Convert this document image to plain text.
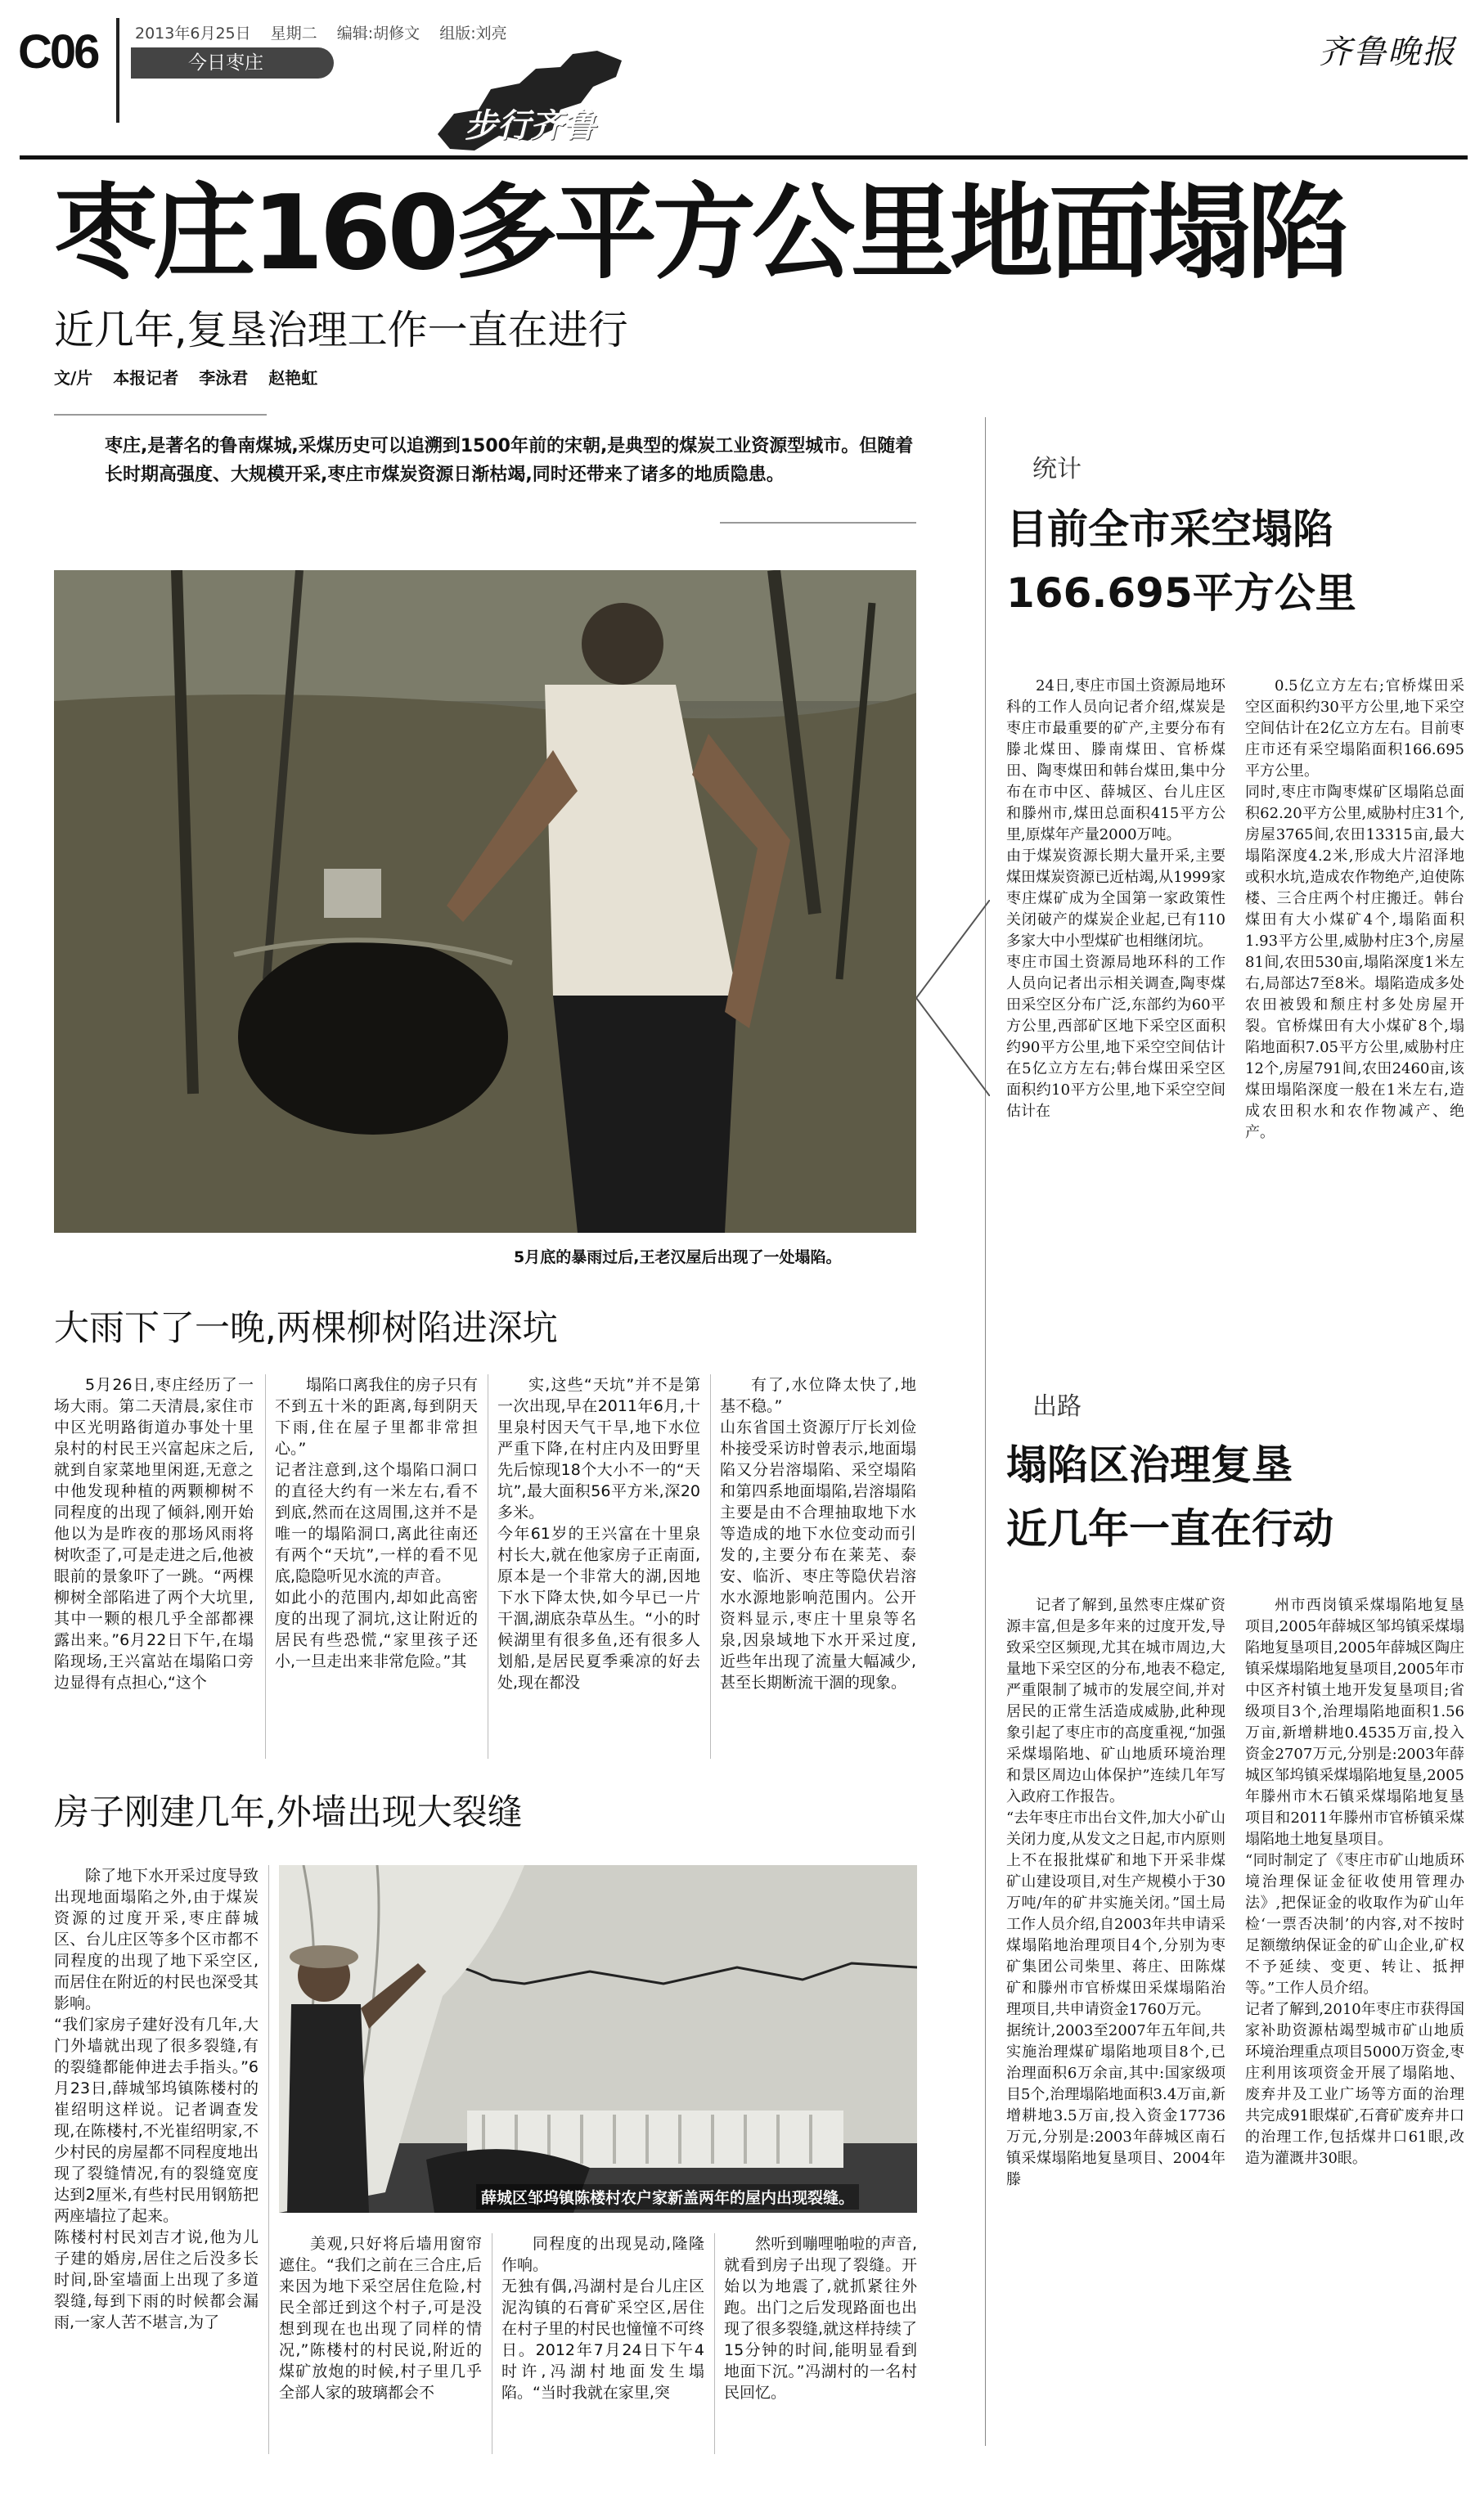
C06 2013年6月25日 星期二 编辑:胡修文 组版:刘亮
今日枣庄	齐鲁晚报
步行齐鲁
枣庄160多平方公里地面塌陷
近几年,复垦治理工作一直在进行
文/片 本报记者 李泳君 赵艳虹
枣庄,是著名的鲁南煤城,采煤历史可以追溯到1500年前的宋朝,是典型的煤炭工业资源型城市。但随着长时期高强度、大规模开采,枣庄市煤炭资源日渐枯竭,同时还带来了诸多的地质隐患。
5月底的暴雨过后,王老汉屋后出现了一处塌陷。
大雨下了一晚,两棵柳树陷进深坑

5月26日,枣庄经历了一场大雨。第二天清晨,家住市中区光明路街道办事处十里泉村的村民王兴富起床之后,就到自家菜地里闲逛,无意之中他发现种植的两颗柳树不同程度的出现了倾斜,刚开始他以为是昨夜的那场风雨将树吹歪了,可是走进之后,他被眼前的景象吓了一跳。“两棵柳树全部陷进了两个大坑里,其中一颗的根几乎全部都裸露出来。”6月22日下午,在塌陷现场,王兴富站在塌陷口旁边显得有点担心,“这个

塌陷口离我住的房子只有不到五十米的距离,每到阴天下雨,住在屋子里都非常担心。”
记者注意到,这个塌陷口洞口的直径大约有一米左右,看不到底,然而在这周围,这并不是唯一的塌陷洞口,离此往南还有两个“天坑”,一样的看不见底,隐隐听见水流的声音。
如此小的范围内,却如此高密度的出现了洞坑,这让附近的居民有些恐慌,“家里孩子还小,一旦走出来非常危险。”其

实,这些“天坑”并不是第一次出现,早在2011年6月,十里泉村因天气干旱,地下水位严重下降,在村庄内及田野里先后惊现18个大小不一的“天坑”,最大面积56平方米,深20多米。
今年61岁的王兴富在十里泉村长大,就在他家房子正南面,原本是一个非常大的湖,因地下水下降太快,如今早已一片干涸,湖底杂草丛生。“小的时候湖里有很多鱼,还有很多人划船,是居民夏季乘凉的好去处,现在都没

有了,水位降太快了,地基不稳。”
山东省国土资源厅厅长刘俭朴接受采访时曾表示,地面塌陷又分岩溶塌陷、采空塌陷和第四系地面塌陷,岩溶塌陷主要是由不合理抽取地下水等造成的地下水位变动而引发的,主要分布在莱芜、泰安、临沂、枣庄等隐伏岩溶水水源地影响范围内。公开资料显示,枣庄十里泉等名泉,因泉域地下水开采过度,近些年出现了流量大幅减少,甚至长期断流干涸的现象。

房子刚建几年,外墙出现大裂缝

除了地下水开采过度导致出现地面塌陷之外,由于煤炭资源的过度开采,枣庄薛城区、台儿庄区等多个区市都不同程度的出现了地下采空区,而居住在附近的村民也深受其影响。
“我们家房子建好没有几年,大门外墙就出现了很多裂缝,有的裂缝都能伸进去手指头。”6月23日,薛城邹坞镇陈楼村的崔绍明这样说。记者调查发现,在陈楼村,不光崔绍明家,不少村民的房屋都不同程度地出现了裂缝情况,有的裂缝宽度达到2厘米,有些村民用钢筋把两座墙拉了起来。
陈楼村村民刘吉才说,他为儿子建的婚房,居住之后没多长时间,卧室墙面上出现了多道裂缝,每到下雨的时候都会漏雨,一家人苦不堪言,为了

薛城区邹坞镇陈楼村农户家新盖两年的屋内出现裂缝。

美观,只好将后墙用窗帘遮住。“我们之前在三合庄,后来因为地下采空居住危险,村民全部迁到这个村子,可是没想到现在也出现了同样的情况,”陈楼村的村民说,附近的煤矿放炮的时候,村子里几乎全部人家的玻璃都会不

同程度的出现晃动,隆隆作响。
无独有偶,冯湖村是台儿庄区泥沟镇的石膏矿采空区,居住在村子里的村民也憧憧不可终日。2012年7月24日下午4时许,冯湖村地面发生塌陷。“当时我就在家里,突

然听到嘣哩啪啦的声音,就看到房子出现了裂缝。开始以为地震了,就抓紧往外跑。出门之后发现路面也出现了很多裂缝,就这样持续了15分钟的时间,能明显看到地面下沉。”冯湖村的一名村民回忆。

统计
目前全市采空塌陷
166.695平方公里

24日,枣庄市国土资源局地环科的工作人员向记者介绍,煤炭是枣庄市最重要的矿产,主要分布有滕北煤田、滕南煤田、官桥煤田、陶枣煤田和韩台煤田,集中分布在市中区、薛城区、台儿庄区和滕州市,煤田总面积415平方公里,原煤年产量2000万吨。
由于煤炭资源长期大量开采,主要煤田煤炭资源已近枯竭,从1999家枣庄煤矿成为全国第一家政策性关闭破产的煤炭企业起,已有110多家大中小型煤矿也相继闭坑。
枣庄市国土资源局地环科的工作人员向记者出示相关调查,陶枣煤田采空区分布广泛,东部约为60平方公里,西部矿区地下采空区面积约90平方公里,地下采空空间估计在5亿立方左右;韩台煤田采空区面积约10平方公里,地下采空空间估计在

0.5亿立方左右;官桥煤田采空区面积约30平方公里,地下采空空间估计在2亿立方左右。目前枣庄市还有采空塌陷面积166.695平方公里。
同时,枣庄市陶枣煤矿区塌陷总面积62.20平方公里,威胁村庄31个,房屋3765间,农田13315亩,最大塌陷深度4.2米,形成大片沼泽地或积水坑,造成农作物绝产,迫使陈楼、三合庄两个村庄搬迁。韩台煤田有大小煤矿4个,塌陷面积1.93平方公里,威胁村庄3个,房屋81间,农田530亩,塌陷深度1米左右,局部达7至8米。塌陷造成多处农田被毁和颓庄村多处房屋开裂。官桥煤田有大小煤矿8个,塌陷地面积7.05平方公里,威胁村庄12个,房屋791间,农田2460亩,该煤田塌陷深度一般在1米左右,造成农田积水和农作物减产、绝产。

出路
塌陷区治理复垦
近几年一直在行动

记者了解到,虽然枣庄煤矿资源丰富,但是多年来的过度开发,导致采空区频现,尤其在城市周边,大量地下采空区的分布,地表不稳定,严重限制了城市的发展空间,并对居民的正常生活造成威胁,此种现象引起了枣庄市的高度重视,“加强采煤塌陷地、矿山地质环境治理和景区周边山体保护”连续几年写入政府工作报告。
“去年枣庄市出台文件,加大小矿山关闭力度,从发文之日起,市内原则上不在报批煤矿和地下开采非煤矿山建设项目,对生产规模小于30万吨/年的矿井实施关闭。”国土局工作人员介绍,自2003年共申请采煤塌陷地治理项目4个,分别为枣矿集团公司柴里、蒋庄、田陈煤矿和滕州市官桥煤田采煤塌陷治理项目,共申请资金1760万元。
据统计,2003至2007年五年间,共实施治理煤矿塌陷地项目8个,已治理面积6万余亩,其中:国家级项目5个,治理塌陷地面积3.4万亩,新增耕地3.5万亩,投入资金17736万元,分别是:2003年薛城区南石镇采煤塌陷地复垦项目、2004年滕

州市西岗镇采煤塌陷地复垦项目,2005年薛城区邹坞镇采煤塌陷地复垦项目,2005年薛城区陶庄镇采煤塌陷地复垦项目,2005年市中区齐村镇土地开发复垦项目;省级项目3个,治理塌陷地面积1.56万亩,新增耕地0.4535万亩,投入资金2707万元,分别是:2003年薛城区邹坞镇采煤塌陷地复垦,2005年滕州市木石镇采煤塌陷地复垦项目和2011年滕州市官桥镇采煤塌陷地土地复垦项目。
“同时制定了《枣庄市矿山地质环境治理保证金征收使用管理办法》,把保证金的收取作为矿山年检‘一票否决制’的内容,对不按时足额缴纳保证金的矿山企业,矿权不予延续、变更、转让、抵押等。”工作人员介绍。
记者了解到,2010年枣庄市获得国家补助资源枯竭型城市矿山地质环境治理重点项目5000万资金,枣庄利用该项资金开展了塌陷地、废弃井及工业广场等方面的治理共完成91眼煤矿,石膏矿废弃井口的治理工作,包括煤井口61眼,改造为灌溉井30眼。
